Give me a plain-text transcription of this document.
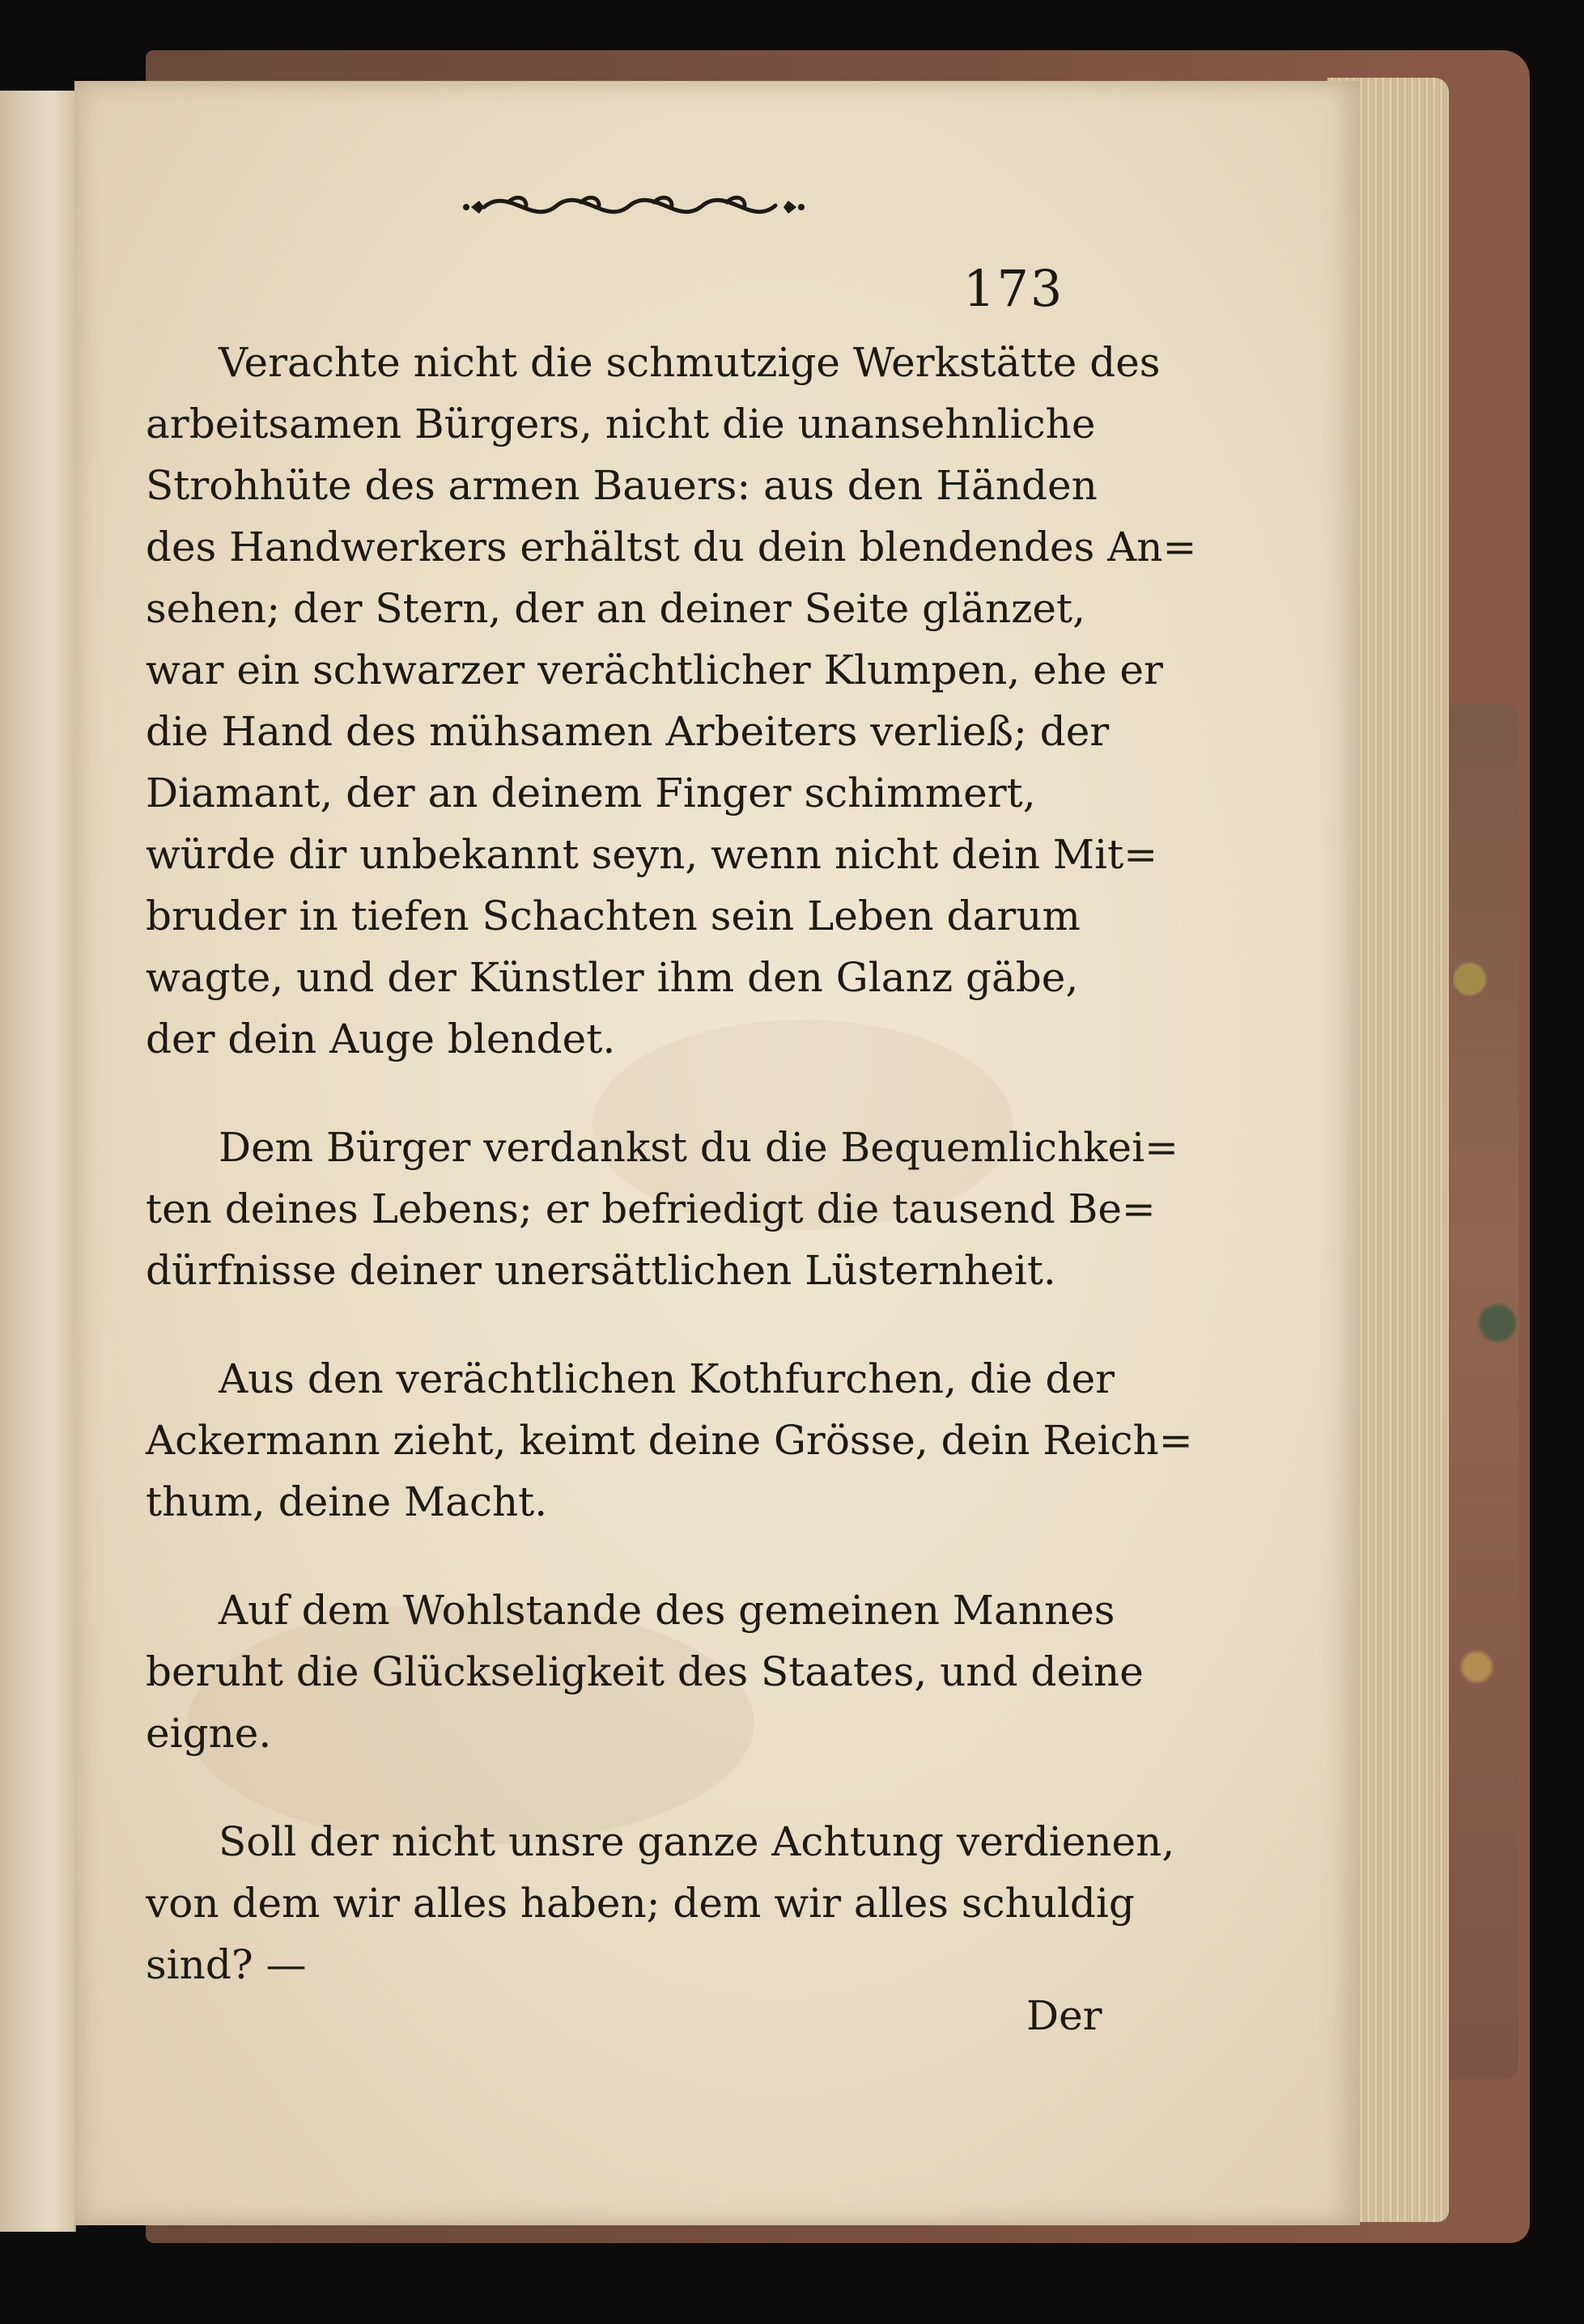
173

Verachte nicht die schmutzige Werkstätte des
arbeitsamen Bürgers, nicht die unansehnliche
Strohhüte des armen Bauers: aus den Händen
des Handwerkers erhältst du dein blendendes An=
sehen; der Stern, der an deiner Seite glänzet,
war ein schwarzer verächtlicher Klumpen, ehe er
die Hand des mühsamen Arbeiters verließ; der
Diamant, der an deinem Finger schimmert,
würde dir unbekannt seyn, wenn nicht dein Mit=
bruder in tiefen Schachten sein Leben darum
wagte, und der Künstler ihm den Glanz gäbe,
der dein Auge blendet.

Dem Bürger verdankst du die Bequemlichkei=
ten deines Lebens; er befriedigt die tausend Be=
dürfnisse deiner unersättlichen Lüsternheit.

Aus den verächtlichen Kothfurchen, die der
Ackermann zieht, keimt deine Grösse, dein Reich=
thum, deine Macht.

Auf dem Wohlstande des gemeinen Mannes
beruht die Glückseligkeit des Staates, und deine
eigne.

Soll der nicht unsre ganze Achtung verdienen,
von dem wir alles haben; dem wir alles schuldig
sind? —

Der
